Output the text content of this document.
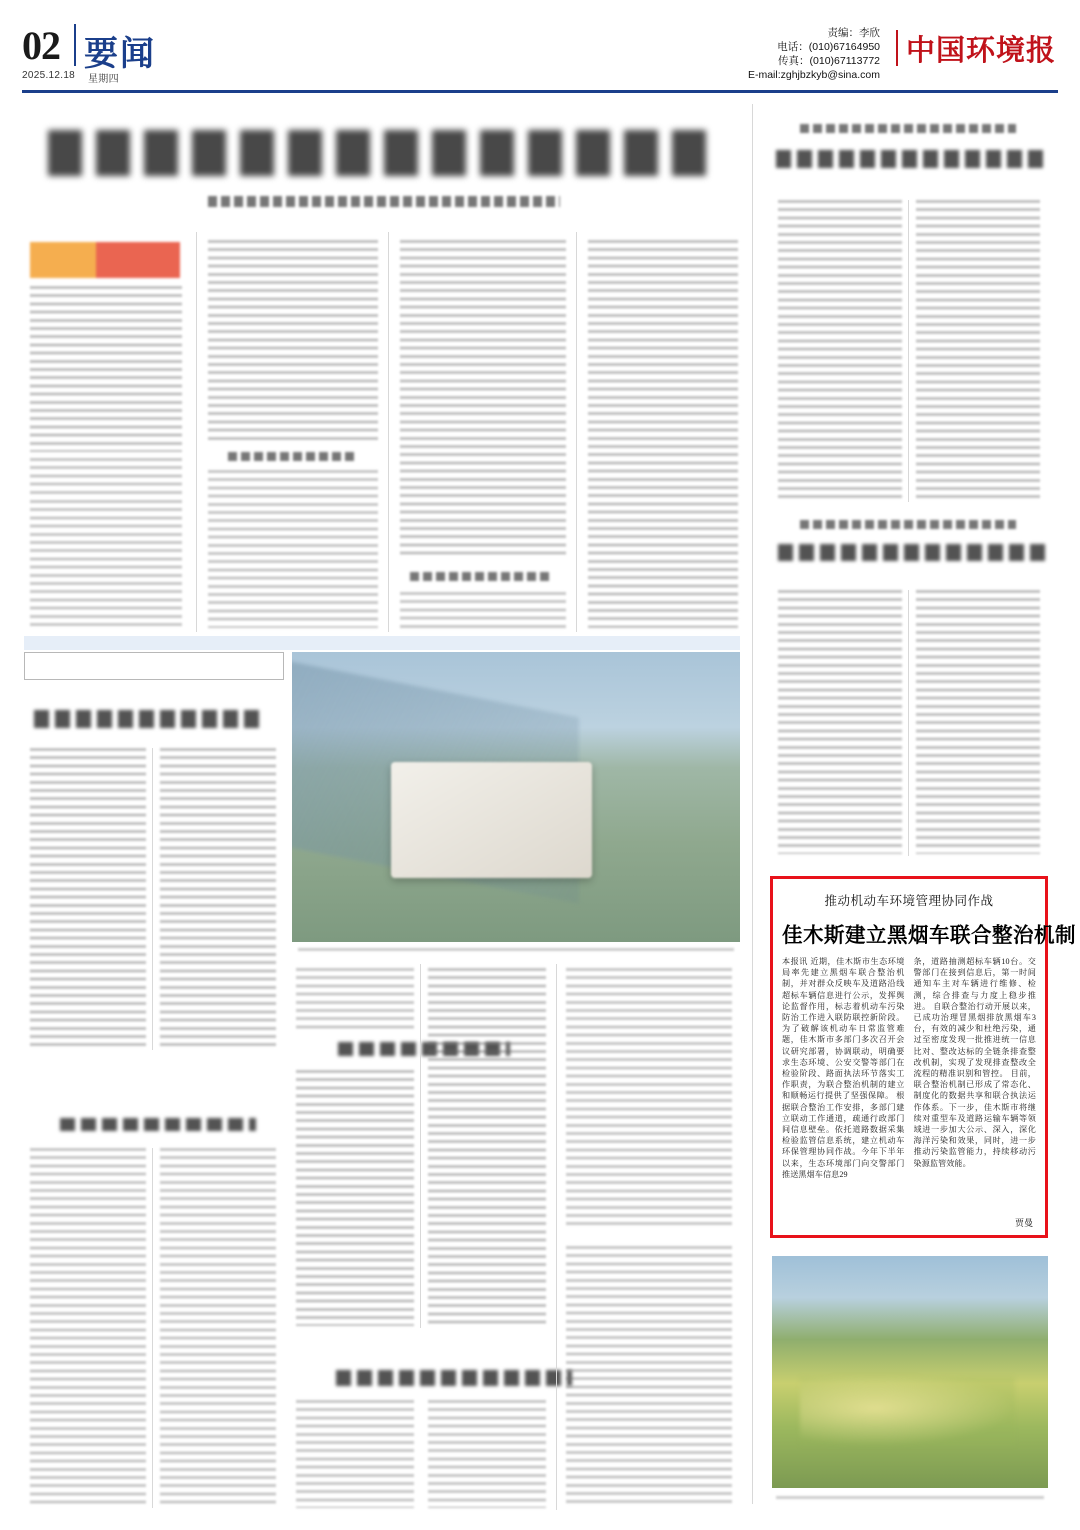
02 要闻
2025.12.18 星期四
责编：李欣
电话：(010)67164950
传真：(010)67113772
E-mail:zghjbzkyb@sina.com
中国环境报
推动机动车环境管理协同作战
佳木斯建立黑烟车联合整治机制
本报讯 近期，佳木斯市生态环境局率先建立黑烟车联合整治机制，并对群众反映车及道路沿线超标车辆信息进行公示，发挥舆论监督作用，标志着机动车污染防治工作进入联防联控新阶段。 为了破解该机动车日常监管难题，佳木斯市多部门多次召开会议研究部署，协调联动，明确要求生态环境、公安交警等部门在检验阶段、路面执法环节落实工作职责，为联合整治机制的建立和顺畅运行提供了坚强保障。 根据联合整治工作安排，多部门建立联动工作通道，疏通行政部门间信息壁垒。依托道路数据采集检验监管信息系统，建立机动车环保管理协同作战。今年下半年以来，生态环境部门向交警部门推送黑烟车信息29
条，道路抽测超标车辆10台。交警部门在接到信息后，第一时间通知车主对车辆进行维修、检测，综合排查与力度上稳步推进。 自联合整治行动开展以来，已成功治理冒黑烟排放黑烟车3台，有效的减少和杜绝污染，通过至密度发现一批推进统一信息比对、整改达标的全链条排查整改机制，实现了发现排查整改全流程的精准识别和管控。 目前，联合整治机制已形成了常态化、制度化的数据共享和联合执法运作体系。下一步，佳木斯市将继续对重型车及道路运输车辆等领域进一步加大公示、深入，深化海洋污染和效果，同时，进一步推动污染监管能力，持续移动污染源监管效能。
贾曼
